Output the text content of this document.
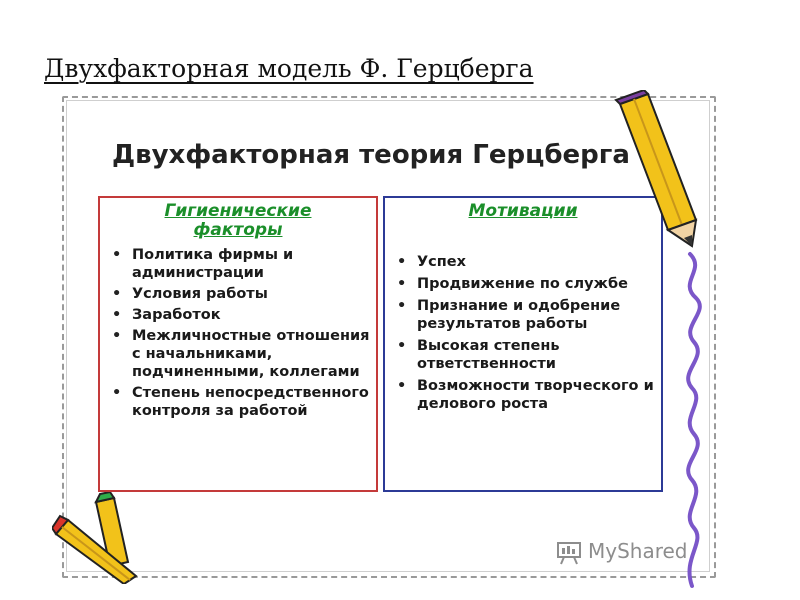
Двухфакторная модель Ф. Герцберга
Двухфакторная теория Герцберга
Гигиенические
факторы
• Политика фирмы и администрации
• Условия работы
• Заработок
• Межличностные отношения с начальниками, подчиненными, коллегами
• Степень непосредственного контроля за работой
Мотивации
• Успех
• Продвижение по службе
• Признание и одобрение результатов работы
• Высокая степень ответственности
• Возможности творческого и делового роста
MyShared
